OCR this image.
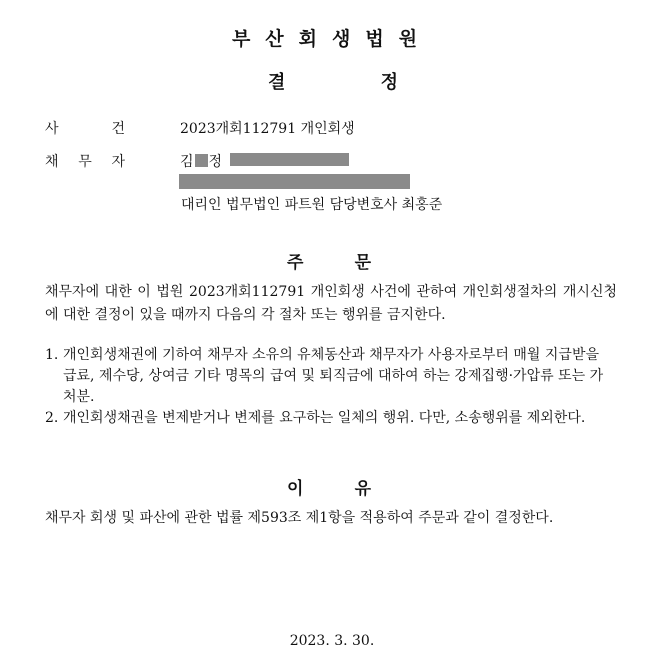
부산회생법원
결	정
사	건	2023개회112791 개인회생
채 무 자	김 정
대리인 법무법인 파트원 담당변호사 최홍준
주	문
채무자에 대한 이 법원 2023개회112791 개인회생 사건에 관하여 개인회생절차의 개시신청에 대한 결정이 있을 때까지 다음의 각 절차 또는 행위를 금지한다.
1. 개인회생채권에 기하여 채무자 소유의 유체동산과 채무자가 사용자로부터 매월 지급받을 급료, 제수당, 상여금 기타 명목의 급여 및 퇴직금에 대하여 하는 강제집행·가압류 또는 가처분.
2. 개인회생채권을 변제받거나 변제를 요구하는 일체의 행위. 다만, 소송행위를 제외한다.
이	유
채무자 회생 및 파산에 관한 법률 제593조 제1항을 적용하여 주문과 같이 결정한다.
2023. 3. 30.
